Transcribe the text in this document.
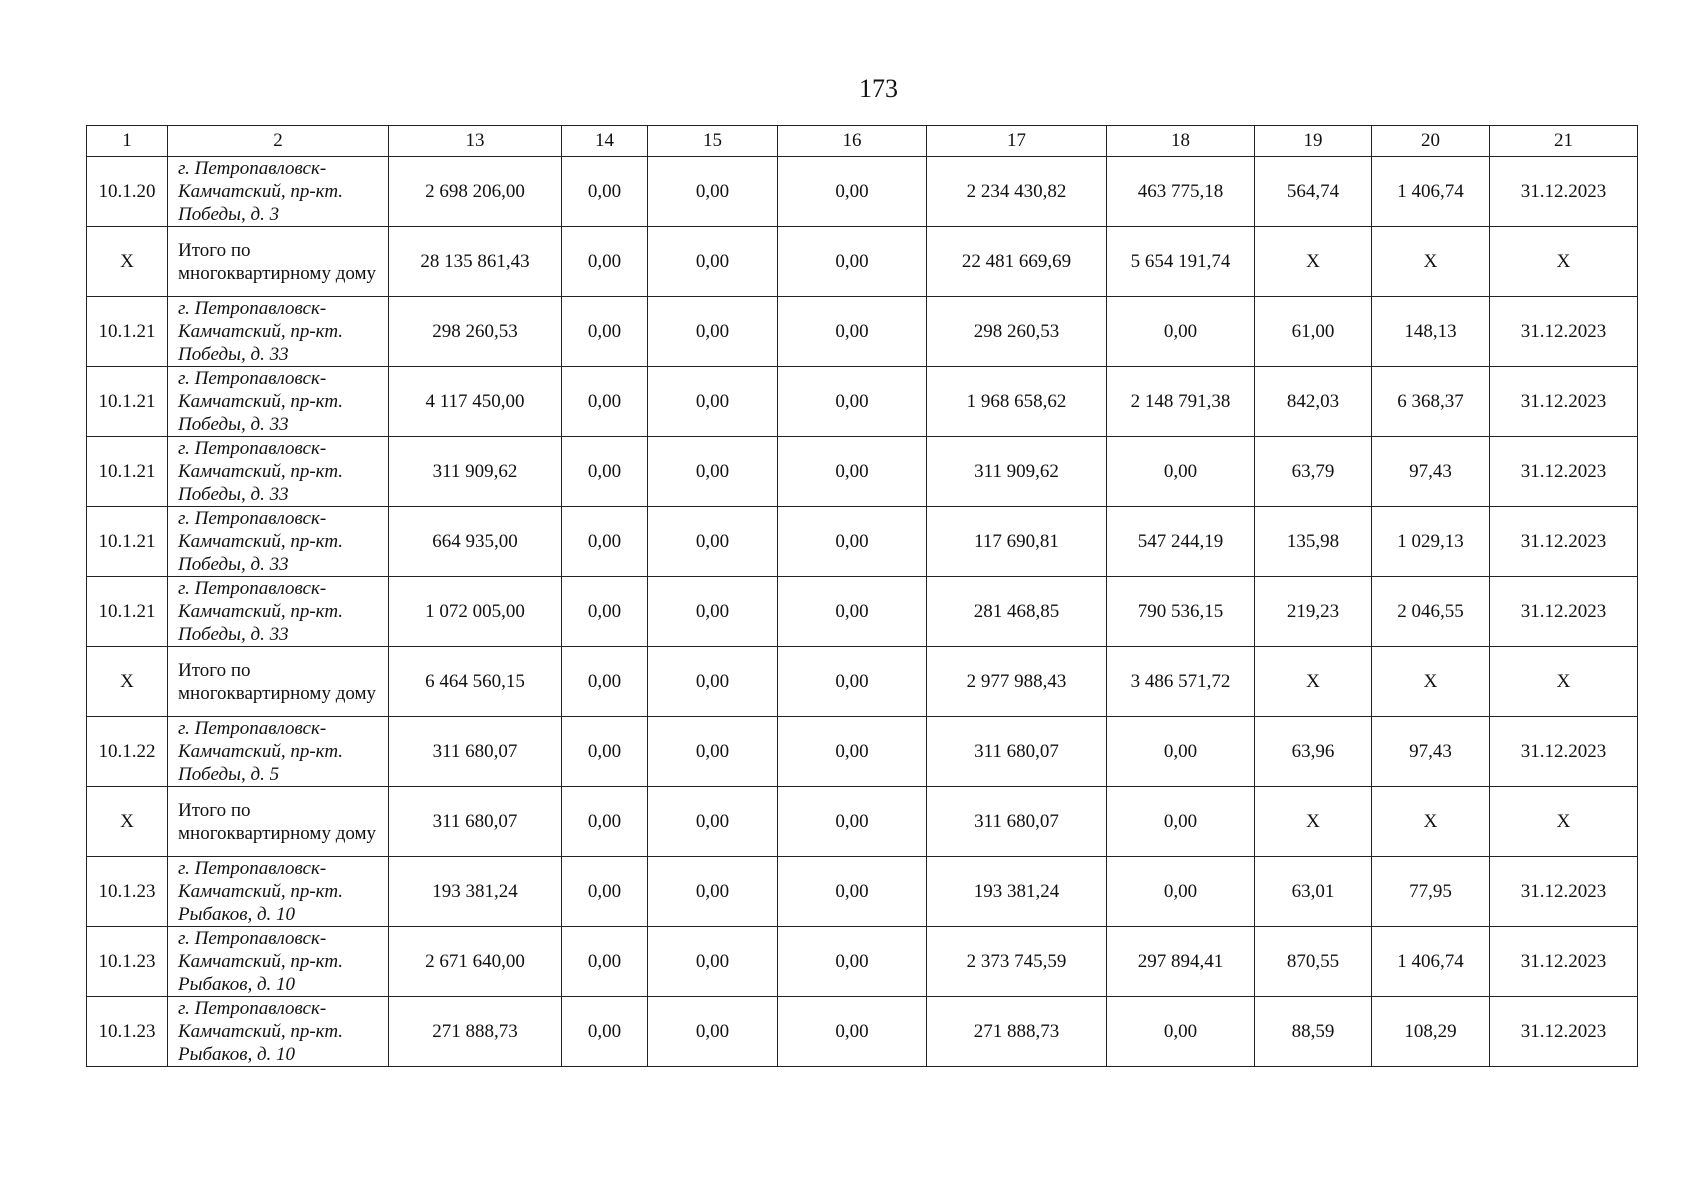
173
1	2	13	14	15	16	17	18	19	20	21
10.1.20	г. Петропавловск-Камчатский, пр-кт. Победы, д. 3	2 698 206,00	0,00	0,00	0,00	2 234 430,82	463 775,18	564,74	1 406,74	31.12.2023
Х	Итого по многоквартирному дому	28 135 861,43	0,00	0,00	0,00	22 481 669,69	5 654 191,74	Х	Х	Х
10.1.21	г. Петропавловск-Камчатский, пр-кт. Победы, д. 33	298 260,53	0,00	0,00	0,00	298 260,53	0,00	61,00	148,13	31.12.2023
10.1.21	г. Петропавловск-Камчатский, пр-кт. Победы, д. 33	4 117 450,00	0,00	0,00	0,00	1 968 658,62	2 148 791,38	842,03	6 368,37	31.12.2023
10.1.21	г. Петропавловск-Камчатский, пр-кт. Победы, д. 33	311 909,62	0,00	0,00	0,00	311 909,62	0,00	63,79	97,43	31.12.2023
10.1.21	г. Петропавловск-Камчатский, пр-кт. Победы, д. 33	664 935,00	0,00	0,00	0,00	117 690,81	547 244,19	135,98	1 029,13	31.12.2023
10.1.21	г. Петропавловск-Камчатский, пр-кт. Победы, д. 33	1 072 005,00	0,00	0,00	0,00	281 468,85	790 536,15	219,23	2 046,55	31.12.2023
Х	Итого по многоквартирному дому	6 464 560,15	0,00	0,00	0,00	2 977 988,43	3 486 571,72	Х	Х	Х
10.1.22	г. Петропавловск-Камчатский, пр-кт. Победы, д. 5	311 680,07	0,00	0,00	0,00	311 680,07	0,00	63,96	97,43	31.12.2023
Х	Итого по многоквартирному дому	311 680,07	0,00	0,00	0,00	311 680,07	0,00	Х	Х	Х
10.1.23	г. Петропавловск-Камчатский, пр-кт. Рыбаков, д. 10	193 381,24	0,00	0,00	0,00	193 381,24	0,00	63,01	77,95	31.12.2023
10.1.23	г. Петропавловск-Камчатский, пр-кт. Рыбаков, д. 10	2 671 640,00	0,00	0,00	0,00	2 373 745,59	297 894,41	870,55	1 406,74	31.12.2023
10.1.23	г. Петропавловск-Камчатский, пр-кт. Рыбаков, д. 10	271 888,73	0,00	0,00	0,00	271 888,73	0,00	88,59	108,29	31.12.2023
